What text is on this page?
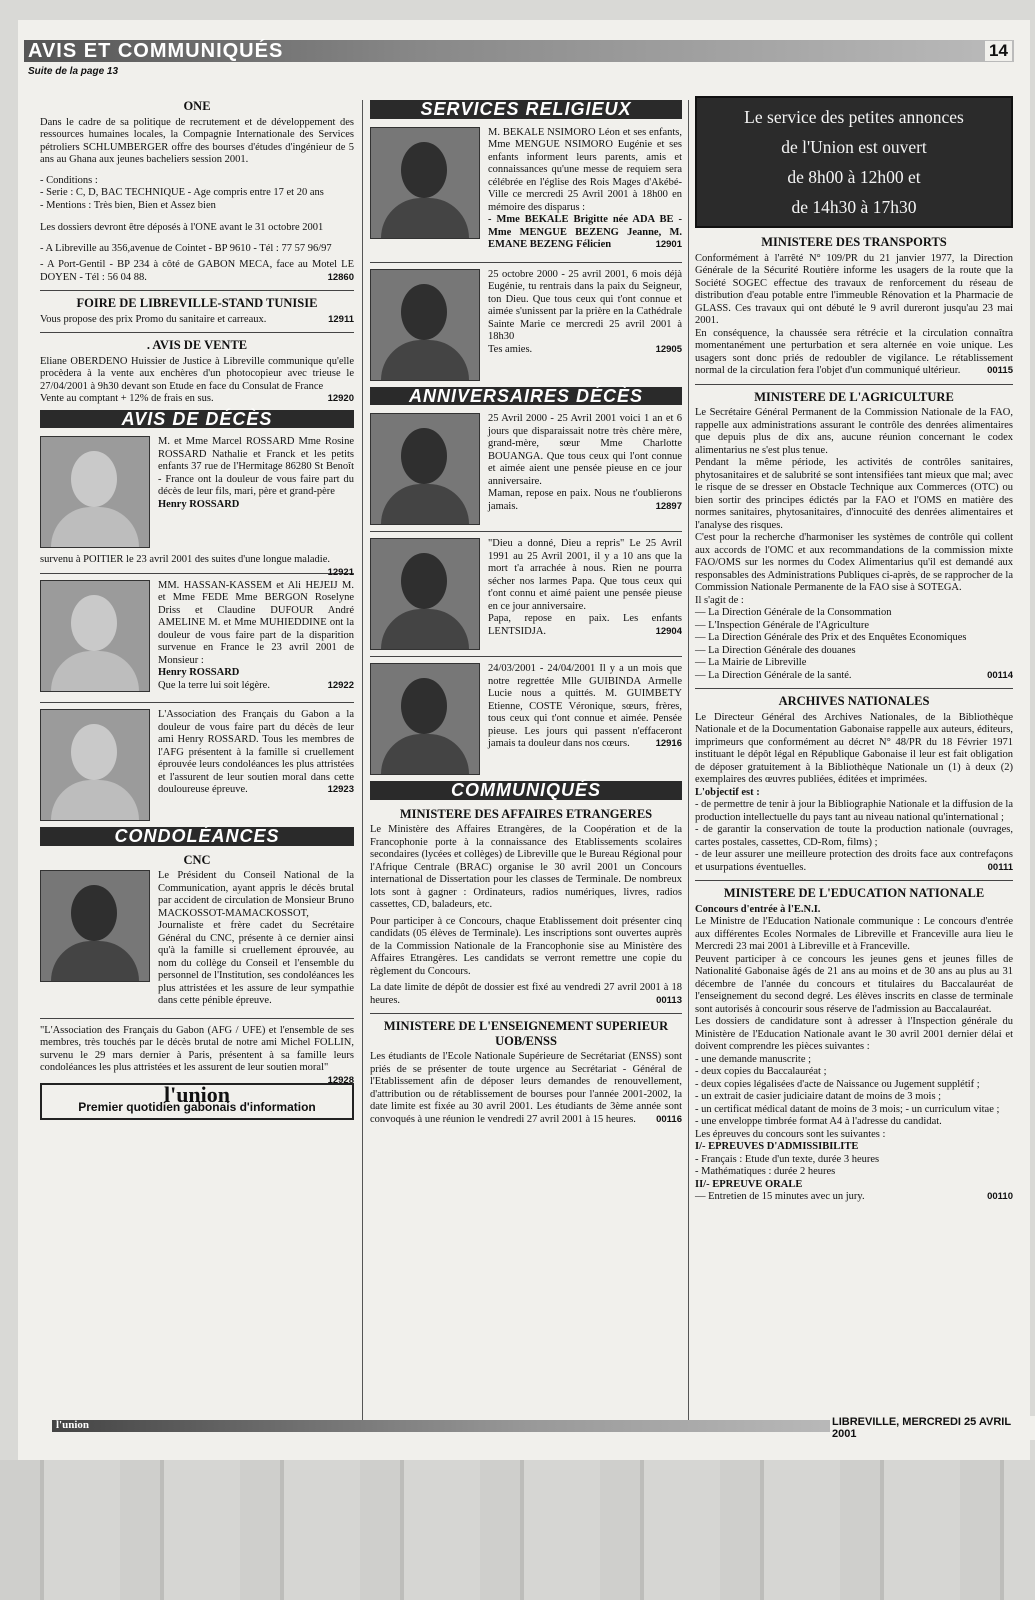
AVIS ET COMMUNIQUÉS	14
Suite de la page 13
ONE

Dans le cadre de sa politique de recrutement et de développement des ressources humaines locales, la Compagnie Internationale des Services pétroliers SCHLUMBERGER offre des bourses d'études d'ingénieur de 5 ans au Ghana aux jeunes bacheliers session 2001.

- Conditions :

- Serie : C, D, BAC TECHNIQUE - Age compris entre 17 et 20 ans

- Mentions : Très bien, Bien et Assez bien

Les dossiers devront être déposés à l'ONE avant le 31 octobre 2001

- A Libreville au 356,avenue de Cointet - BP 9610 - Tél : 77 57 96/97

- A Port-Gentil - BP 234 à côté de GABON MECA, face au Motel LE DOYEN - Tél : 56 04 88.	12860

FOIRE DE LIBREVILLE-STAND TUNISIE

Vous propose des prix Promo du sanitaire et carreaux.	12911

. AVIS DE VENTE

Eliane OBERDENO Huissier de Justice à Libreville communique qu'elle procèdera à la vente aux enchères d'un photocopieur avec trieuse le 27/04/2001 à 9h30 devant son Etude en face du Consulat de France

Vente au comptant + 12% de frais en sus.	12920

AVIS DE DÉCÈS

M. et Mme Marcel ROSSARD Mme Rosine ROSSARD Nathalie et Franck et les petits enfants 37 rue de l'Hermitage 86280 St Benoît - France ont la douleur de vous faire part du décès de leur fils, mari, père et grand-père

Henry ROSSARD

survenu à POITIER le 23 avril 2001 des suites d'une longue maladie.
12921

MM. HASSAN-KASSEM et Ali HEJEIJ M. et Mme FEDE Mme BERGON Roselyne Driss et Claudine DUFOUR André AMELINE M. et Mme MUHIEDDINE ont la douleur de vous faire part de la disparition survenue en France le 23 avril 2001 de Monsieur :

Henry ROSSARD

Que la terre lui soit légère.	12922

L'Association des Français du Gabon a la douleur de vous faire part du décès de leur ami Henry ROSSARD. Tous les membres de l'AFG présentent à la famille si cruellement éprouvée leurs condoléances les plus attristées et l'assurent de leur soutien moral dans cette douloureuse épreuve.	12923

CONDOLÉANCES
CNC

Le Président du Conseil National de la Communication, ayant appris le décès brutal par accident de circulation de Monsieur Bruno MACKOSSOT-MAMACKOSSOT, Journaliste et frère cadet du Secrétaire Général du CNC, présente à ce dernier ainsi qu'à la famille si cruellement éprouvée, au nom du collège du Conseil et l'ensemble du personnel de l'Institution, ses condoléances les plus attristées et les assure de leur sympathie dans cette pénible épreuve.

"L'Association des Français du Gabon (AFG / UFE) et l'ensemble de ses membres, très touchés par le décès brutal de notre ami Michel FOLLIN, survenu le 29 mars dernier à Paris, présentent à sa famille leurs condoléances les plus attristées et les assurent de leur soutien moral"
12928

l'union
Premier quotidien gabonais d'information
SERVICES RELIGIEUX

M. BEKALE NSIMORO Léon et ses enfants, Mme MENGUE NSIMORO Eugénie et ses enfants informent leurs parents, amis et connaissances qu'une messe de requiem sera célébrée en l'église des Rois Mages d'Akébé-Ville ce mercredi 25 Avril 2001 à 18h00 en mémoire des disparus :

- Mme BEKALE Brigitte née ADA BE - Mme MENGUE BEZENG Jeanne, M. EMANE BEZENG Félicien	12901

25 octobre 2000 - 25 avril 2001, 6 mois déjà Eugénie, tu rentrais dans la paix du Seigneur, ton Dieu. Que tous ceux qui t'ont connue et aimée s'unissent par la prière en la Cathédrale Sainte Marie ce mercredi 25 avril 2001 à 18h30

Tes amies.	12905

ANNIVERSAIRES DÉCÈS

25 Avril 2000 - 25 Avril 2001 voici 1 an et 6 jours que disparaissait notre très chère mère, grand-mère, sœur Mme Charlotte BOUANGA. Que tous ceux qui l'ont connue et aimée aient une pensée pieuse en ce jour anniversaire.

Maman, repose en paix. Nous ne t'oublierons jamais.	12897

"Dieu a donné, Dieu a repris" Le 25 Avril 1991 au 25 Avril 2001, il y a 10 ans que la mort t'a arrachée à nous. Rien ne pourra sécher nos larmes Papa. Que tous ceux qui t'ont connu et aimé paient une pensée pieuse en ce jour anniversaire.

Papa, repose en paix. Les enfants LENTSIDJA.	12904

24/03/2001 - 24/04/2001 Il y a un mois que notre regrettée Mlle GUIBINDA Armelle Lucie nous a quittés. M. GUIMBETY Etienne, COSTE Véronique, sœurs, frères, tous ceux qui t'ont connue et aimée. Pensée pieuse. Les jours qui passent n'effaceront jamais ta douleur dans nos cœurs.	12916

COMMUNIQUÉS
MINISTERE DES AFFAIRES ETRANGERES

Le Ministère des Affaires Etrangères, de la Coopération et de la Francophonie porte à la connaissance des Etablissements scolaires secondaires (lycées et collèges) de Libreville que le Bureau Régional pour l'Afrique Centrale (BRAC) organise le 30 avril 2001 un Concours international de Dissertation pour les classes de Terminale. De nombreux lots sont à gagner : Ordinateurs, radios numériques, livres, radios cassettes, CD, baladeurs, etc.

Pour participer à ce Concours, chaque Etablissement doit présenter cinq candidats (05 élèves de Terminale). Les inscriptions sont ouvertes auprès de la Commission Nationale de la Francophonie sise au Ministère des Affaires Etrangères. Les candidats se verront remettre une copie du règlement du Concours.

La date limite de dépôt de dossier est fixé au vendredi 27 avril 2001 à 18 heures.	00113

MINISTERE DE L'ENSEIGNEMENT SUPERIEUR
UOB/ENSS

Les étudiants de l'Ecole Nationale Supérieure de Secrétariat (ENSS) sont priés de se présenter de toute urgence au Secrétariat - Général de l'Etablissement afin de déposer leurs demandes de renouvellement, d'attribution ou de rétablissement de bourses pour l'année 2001-2002, la date limite est fixée au 30 avril 2001. Les étudiants de 3ème année sont convoqués à une réunion le vendredi 27 avril 2001 à 15 heures. 00116

Le service des petites annonces
de l'Union est ouvert
de 8h00 à 12h00 et
de 14h30 à 17h30
MINISTERE DES TRANSPORTS

Conformément à l'arrêté N° 109/PR du 21 janvier 1977, la Direction Générale de la Sécurité Routière informe les usagers de la route que la Société SOGEC effectue des travaux de renforcement du réseau de distribution d'eau potable entre l'immeuble Rénovation et la Pharmacie de GLASS. Ces travaux qui ont débuté le 9 avril dureront jusqu'au 23 mai 2001.

En conséquence, la chaussée sera rétrécie et la circulation connaîtra momentanément une perturbation et sera alternée en voie unique. Les usagers sont donc priés de redoubler de vigilance. Le rétablissement normal de la circulation fera l'objet d'un communiqué ultérieur.	00115

MINISTERE DE L'AGRICULTURE

Le Secrétaire Général Permanent de la Commission Nationale de la FAO, rappelle aux administrations assurant le contrôle des denrées alimentaires que depuis plus de dix ans, aucune réunion concernant le codex alimentarius ne s'est plus tenue.

Pendant la même période, les activités de contrôles sanitaires, phytosanitaires et de salubrité se sont intensifiées tant mieux que mal; avec le risque de se dresser en Obstacle Technique aux Commerces (OTC) ou bien sortir des principes édictés par la FAO et l'OMS en matière des normes sanitaires, phytosanitaires, d'innocuité des denrées alimentaires et l'analyse des risques.

C'est pour la recherche d'harmoniser les systèmes de contrôle qui collent aux accords de l'OMC et aux recommandations de la commission mixte FAO/OMS sur les normes du Codex Alimentarius qu'il est demandé aux responsables des Administrations Publiques ci-après, de se rapprocher de la Commission Nationale Permanente de la FAO sise à SOTEGA.

Il s'agit de :

— La Direction Générale de la Consommation
— L'Inspection Générale de l'Agriculture
— La Direction Générale des Prix et des Enquêtes Economiques
— La Direction Générale des douanes
— La Mairie de Libreville
— La Direction Générale de la santé.	00114
ARCHIVES NATIONALES

Le Directeur Général des Archives Nationales, de la Bibliothèque Nationale et de la Documentation Gabonaise rappelle aux auteurs, éditeurs, imprimeurs que conformément au décret N° 48/PR du 18 Février 1971 instituant le dépôt légal en République Gabonaise il leur est fait obligation de déposer gratuitement à la Bibliothèque Nationale un (1) à deux (2) exemplaires des œuvres publiées, éditées et imprimées.

L'objectif est :

- de permettre de tenir à jour la Bibliographie Nationale et la diffusion de la production intellectuelle du pays tant au niveau national qu'international ;

- de garantir la conservation de toute la production nationale (ouvrages, cartes postales, cassettes, CD-Rom, films) ;

- de leur assurer une meilleure protection des droits face aux contrefaçons et usurpations éventuelles.	00111

MINISTERE DE L'EDUCATION NATIONALE

Concours d'entrée à l'E.N.I.

Le Ministre de l'Education Nationale communique : Le concours d'entrée aux différentes Ecoles Normales de Libreville et Franceville aura lieu le Mercredi 23 mai 2001 à Libreville et à Franceville.

Peuvent participer à ce concours les jeunes gens et jeunes filles de Nationalité Gabonaise âgés de 21 ans au moins et de 30 ans au plus au 31 décembre de l'année du concours et titulaires du Baccalauréat de l'enseignement du second degré. Les élèves inscrits en classe de terminale sont autorisés à concourir sous réserve de l'admission au Baccalauréat.

Les dossiers de candidature sont à adresser à l'Inspection générale du Ministère de l'Education Nationale avant le 30 avril 2001 dernier délai et doivent comprendre les pièces suivantes :

- une demande manuscrite ;
- deux copies du Baccalauréat ;
- deux copies légalisées d'acte de Naissance ou Jugement supplétif ;
- un extrait de casier judiciaire datant de moins de 3 mois ;
- un certificat médical datant de moins de 3 mois; - un curriculum vitae ;
- une enveloppe timbrée format A4 à l'adresse du candidat.

Les épreuves du concours sont les suivantes :

I/- EPREUVES D'ADMISSIBILITE

- Français : Etude d'un texte, durée 3 heures

- Mathématiques : durée 2 heures

II/- EPREUVE ORALE

— Entretien de 15 minutes avec un jury.	00110

l'union	LIBREVILLE, MERCREDI 25 AVRIL 2001
